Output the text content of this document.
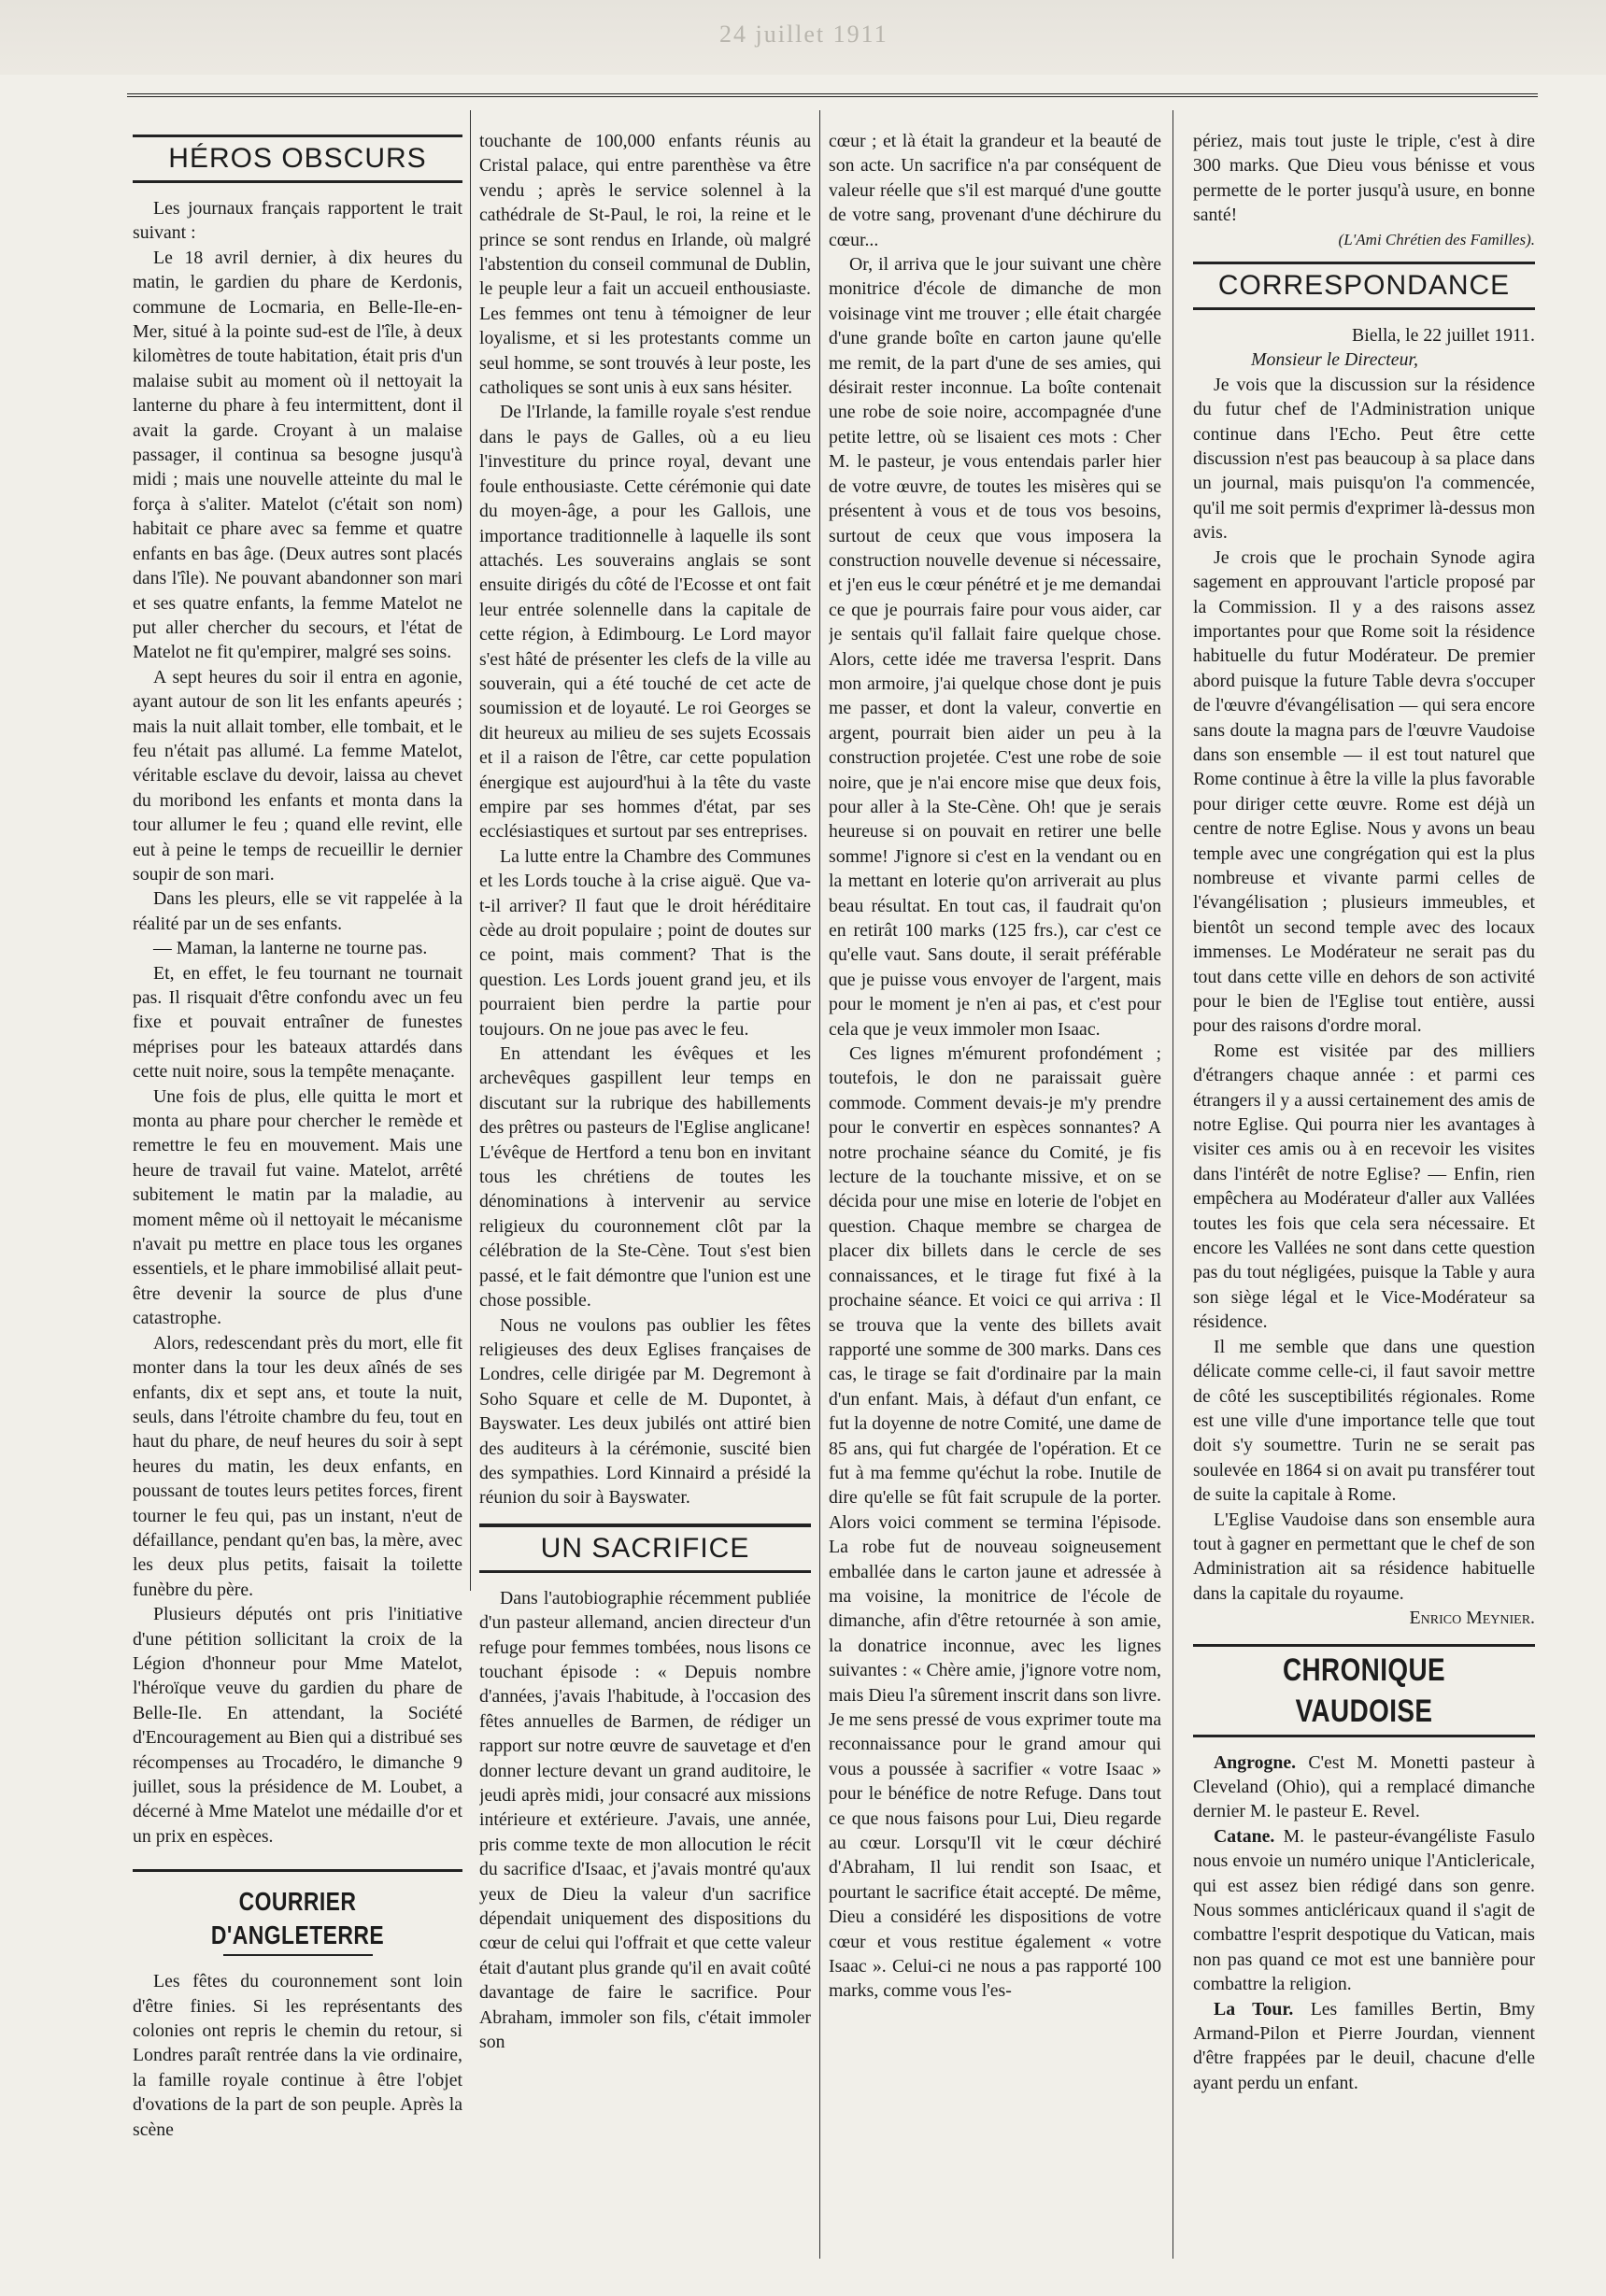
24 juillet 1911
HÉROS OBSCURS

Les journaux français rapportent le trait suivant :

Le 18 avril dernier, à dix heures du matin, le gardien du phare de Kerdonis, commune de Locmaria, en Belle-Ile-en-Mer, situé à la pointe sud-est de l'île, à deux kilomètres de toute habitation, était pris d'un malaise subit au moment où il nettoyait la lanterne du phare à feu intermittent, dont il avait la garde. Croyant à un malaise passager, il continua sa besogne jusqu'à midi ; mais une nouvelle atteinte du mal le força à s'aliter. Matelot (c'était son nom) habitait ce phare avec sa femme et quatre enfants en bas âge. (Deux autres sont placés dans l'île). Ne pouvant abandonner son mari et ses quatre enfants, la femme Matelot ne put aller chercher du secours, et l'état de Matelot ne fit qu'empirer, malgré ses soins.

A sept heures du soir il entra en agonie, ayant autour de son lit les enfants apeurés ; mais la nuit allait tomber, elle tombait, et le feu n'était pas allumé. La femme Matelot, véritable esclave du devoir, laissa au chevet du moribond les enfants et monta dans la tour allumer le feu ; quand elle revint, elle eut à peine le temps de recueillir le dernier soupir de son mari.

Dans les pleurs, elle se vit rappelée à la réalité par un de ses enfants.

— Maman, la lanterne ne tourne pas.

Et, en effet, le feu tournant ne tournait pas. Il risquait d'être confondu avec un feu fixe et pouvait entraîner de funestes méprises pour les bateaux attardés dans cette nuit noire, sous la tempête menaçante.

Une fois de plus, elle quitta le mort et monta au phare pour chercher le remède et remettre le feu en mouvement. Mais une heure de travail fut vaine. Matelot, arrêté subitement le matin par la maladie, au moment même où il nettoyait le mécanisme n'avait pu mettre en place tous les organes essentiels, et le phare immobilisé allait peut-être devenir la source de plus d'une catastrophe.

Alors, redescendant près du mort, elle fit monter dans la tour les deux aînés de ses enfants, dix et sept ans, et toute la nuit, seuls, dans l'étroite chambre du feu, tout en haut du phare, de neuf heures du soir à sept heures du matin, les deux enfants, en poussant de toutes leurs petites forces, firent tourner le feu qui, pas un instant, n'eut de défaillance, pendant qu'en bas, la mère, avec les deux plus petits, faisait la toilette funèbre du père.

Plusieurs députés ont pris l'initiative d'une pétition sollicitant la croix de la Légion d'honneur pour Mme Matelot, l'héroïque veuve du gardien du phare de Belle-Ile. En attendant, la Société d'Encouragement au Bien qui a distribué ses récompenses au Trocadéro, le dimanche 9 juillet, sous la présidence de M. Loubet, a décerné à Mme Matelot une médaille d'or et un prix en espèces.

COURRIER D'ANGLETERRE

Les fêtes du couronnement sont loin d'être finies. Si les représentants des colonies ont repris le chemin du retour, si Londres paraît rentrée dans la vie ordinaire, la famille royale continue à être l'objet d'ovations de la part de son peuple. Après la scène

touchante de 100,000 enfants réunis au Cristal palace, qui entre parenthèse va être vendu ; après le service solennel à la cathédrale de St-Paul, le roi, la reine et le prince se sont rendus en Irlande, où malgré l'abstention du conseil communal de Dublin, le peuple leur a fait un accueil enthousiaste. Les femmes ont tenu à témoigner de leur loyalisme, et si les protestants comme un seul homme, se sont trouvés à leur poste, les catholiques se sont unis à eux sans hésiter.

De l'Irlande, la famille royale s'est rendue dans le pays de Galles, où a eu lieu l'investiture du prince royal, devant une foule enthousiaste. Cette cérémonie qui date du moyen-âge, a pour les Gallois, une importance traditionnelle à laquelle ils sont attachés. Les souverains anglais se sont ensuite dirigés du côté de l'Ecosse et ont fait leur entrée solennelle dans la capitale de cette région, à Edimbourg. Le Lord mayor s'est hâté de présenter les clefs de la ville au souverain, qui a été touché de cet acte de soumission et de loyauté. Le roi Georges se dit heureux au milieu de ses sujets Ecossais et il a raison de l'être, car cette population énergique est aujourd'hui à la tête du vaste empire par ses hommes d'état, par ses ecclésiastiques et surtout par ses entreprises.

La lutte entre la Chambre des Communes et les Lords touche à la crise aiguë. Que va-t-il arriver? Il faut que le droit héréditaire cède au droit populaire ; point de doutes sur ce point, mais comment? That is the question. Les Lords jouent grand jeu, et ils pourraient bien perdre la partie pour toujours. On ne joue pas avec le feu.

En attendant les évêques et les archevêques gaspillent leur temps en discutant sur la rubrique des habillements des prêtres ou pasteurs de l'Eglise anglicane! L'évêque de Hertford a tenu bon en invitant tous les chrétiens de toutes les dénominations à intervenir au service religieux du couronnement clôt par la célébration de la Ste-Cène. Tout s'est bien passé, et le fait démontre que l'union est une chose possible.

Nous ne voulons pas oublier les fêtes religieuses des deux Eglises françaises de Londres, celle dirigée par M. Degremont à Soho Square et celle de M. Dupontet, à Bayswater. Les deux jubilés ont attiré bien des auditeurs à la cérémonie, suscité bien des sympathies. Lord Kinnaird a présidé la réunion du soir à Bayswater.

UN SACRIFICE

Dans l'autobiographie récemment publiée d'un pasteur allemand, ancien directeur d'un refuge pour femmes tombées, nous lisons ce touchant épisode : « Depuis nombre d'années, j'avais l'habitude, à l'occasion des fêtes annuelles de Barmen, de rédiger un rapport sur notre œuvre de sauvetage et d'en donner lecture devant un grand auditoire, le jeudi après midi, jour consacré aux missions intérieure et extérieure. J'avais, une année, pris comme texte de mon allocution le récit du sacrifice d'Isaac, et j'avais montré qu'aux yeux de Dieu la valeur d'un sacrifice dépendait uniquement des dispositions du cœur de celui qui l'offrait et que cette valeur était d'autant plus grande qu'il en avait coûté davantage de faire le sacrifice. Pour Abraham, immoler son fils, c'était immoler son

cœur ; et là était la grandeur et la beauté de son acte. Un sacrifice n'a par conséquent de valeur réelle que s'il est marqué d'une goutte de votre sang, provenant d'une déchirure du cœur...

Or, il arriva que le jour suivant une chère monitrice d'école de dimanche de mon voisinage vint me trouver ; elle était chargée d'une grande boîte en carton jaune qu'elle me remit, de la part d'une de ses amies, qui désirait rester inconnue. La boîte contenait une robe de soie noire, accompagnée d'une petite lettre, où se lisaient ces mots : Cher M. le pasteur, je vous entendais parler hier de votre œuvre, de toutes les misères qui se présentent à vous et de tous vos besoins, surtout de ceux que vous imposera la construction nouvelle devenue si nécessaire, et j'en eus le cœur pénétré et je me demandai ce que je pourrais faire pour vous aider, car je sentais qu'il fallait faire quelque chose. Alors, cette idée me traversa l'esprit. Dans mon armoire, j'ai quelque chose dont je puis me passer, et dont la valeur, convertie en argent, pourrait bien aider un peu à la construction projetée. C'est une robe de soie noire, que je n'ai encore mise que deux fois, pour aller à la Ste-Cène. Oh! que je serais heureuse si on pouvait en retirer une belle somme! J'ignore si c'est en la vendant ou en la mettant en loterie qu'on arriverait au plus beau résultat. En tout cas, il faudrait qu'on en retirât 100 marks (125 frs.), car c'est ce qu'elle vaut. Sans doute, il serait préférable que je puisse vous envoyer de l'argent, mais pour le moment je n'en ai pas, et c'est pour cela que je veux immoler mon Isaac.

Ces lignes m'émurent profondément ; toutefois, le don ne paraissait guère commode. Comment devais-je m'y prendre pour le convertir en espèces sonnantes? A notre prochaine séance du Comité, je fis lecture de la touchante missive, et on se décida pour une mise en loterie de l'objet en question. Chaque membre se chargea de placer dix billets dans le cercle de ses connaissances, et le tirage fut fixé à la prochaine séance. Et voici ce qui arriva : Il se trouva que la vente des billets avait rapporté une somme de 300 marks. Dans ces cas, le tirage se fait d'ordinaire par la main d'un enfant. Mais, à défaut d'un enfant, ce fut la doyenne de notre Comité, une dame de 85 ans, qui fut chargée de l'opération. Et ce fut à ma femme qu'échut la robe. Inutile de dire qu'elle se fût fait scrupule de la porter. Alors voici comment se termina l'épisode. La robe fut de nouveau soigneusement emballée dans le carton jaune et adressée à ma voisine, la monitrice de l'école de dimanche, afin d'être retournée à son amie, la donatrice inconnue, avec les lignes suivantes : « Chère amie, j'ignore votre nom, mais Dieu l'a sûrement inscrit dans son livre. Je me sens pressé de vous exprimer toute ma reconnaissance pour le grand amour qui vous a poussée à sacrifier « votre Isaac » pour le bénéfice de notre Refuge. Dans tout ce que nous faisons pour Lui, Dieu regarde au cœur. Lorsqu'Il vit le cœur déchiré d'Abraham, Il lui rendit son Isaac, et pourtant le sacrifice était accepté. De même, Dieu a considéré les dispositions de votre cœur et vous restitue également « votre Isaac ». Celui-ci ne nous a pas rapporté 100 marks, comme vous l'es-

périez, mais tout juste le triple, c'est à dire 300 marks. Que Dieu vous bénisse et vous permette de le porter jusqu'à usure, en bonne santé!

(L'Ami Chrétien des Familles).

CORRESPONDANCE

Biella, le 22 juillet 1911.

Monsieur le Directeur,

Je vois que la discussion sur la résidence du futur chef de l'Administration unique continue dans l'Echo. Peut être cette discussion n'est pas beaucoup à sa place dans un journal, mais puisqu'on l'a commencée, qu'il me soit permis d'exprimer là-dessus mon avis.

Je crois que le prochain Synode agira sagement en approuvant l'article proposé par la Commission. Il y a des raisons assez importantes pour que Rome soit la résidence habituelle du futur Modérateur. De premier abord puisque la future Table devra s'occuper de l'œuvre d'évangélisation — qui sera encore sans doute la magna pars de l'œuvre Vaudoise dans son ensemble — il est tout naturel que Rome continue à être la ville la plus favorable pour diriger cette œuvre. Rome est déjà un centre de notre Eglise. Nous y avons un beau temple avec une congrégation qui est la plus nombreuse et vivante parmi celles de l'évangélisation ; plusieurs immeubles, et bientôt un second temple avec des locaux immenses. Le Modérateur ne serait pas du tout dans cette ville en dehors de son activité pour le bien de l'Eglise tout entière, aussi pour des raisons d'ordre moral.

Rome est visitée par des milliers d'étrangers chaque année : et parmi ces étrangers il y a aussi certainement des amis de notre Eglise. Qui pourra nier les avantages à visiter ces amis ou à en recevoir les visites dans l'intérêt de notre Eglise? — Enfin, rien empêchera au Modérateur d'aller aux Vallées toutes les fois que cela sera nécessaire. Et encore les Vallées ne sont dans cette question pas du tout négligées, puisque la Table y aura son siège légal et le Vice-Modérateur sa résidence.

Il me semble que dans une question délicate comme celle-ci, il faut savoir mettre de côté les susceptibilités régionales. Rome est une ville d'une importance telle que tout doit s'y soumettre. Turin ne se serait pas soulevée en 1864 si on avait pu transférer tout de suite la capitale à Rome.

L'Eglise Vaudoise dans son ensemble aura tout à gagner en permettant que le chef de son Administration ait sa résidence habituelle dans la capitale du royaume.

Enrico Meynier.

CHRONIQUE VAUDOISE

Angrogne. C'est M. Monetti pasteur à Cleveland (Ohio), qui a remplacé dimanche dernier M. le pasteur E. Revel.

Catane. M. le pasteur-évangéliste Fasulo nous envoie un numéro unique l'Anticlericale, qui est assez bien rédigé dans son genre. Nous sommes anticléricaux quand il s'agit de combattre l'esprit despotique du Vatican, mais non pas quand ce mot est une bannière pour combattre la religion.

La Tour. Les familles Bertin, Bmy Armand-Pilon et Pierre Jourdan, viennent d'être frappées par le deuil, chacune d'elle ayant perdu un enfant.
